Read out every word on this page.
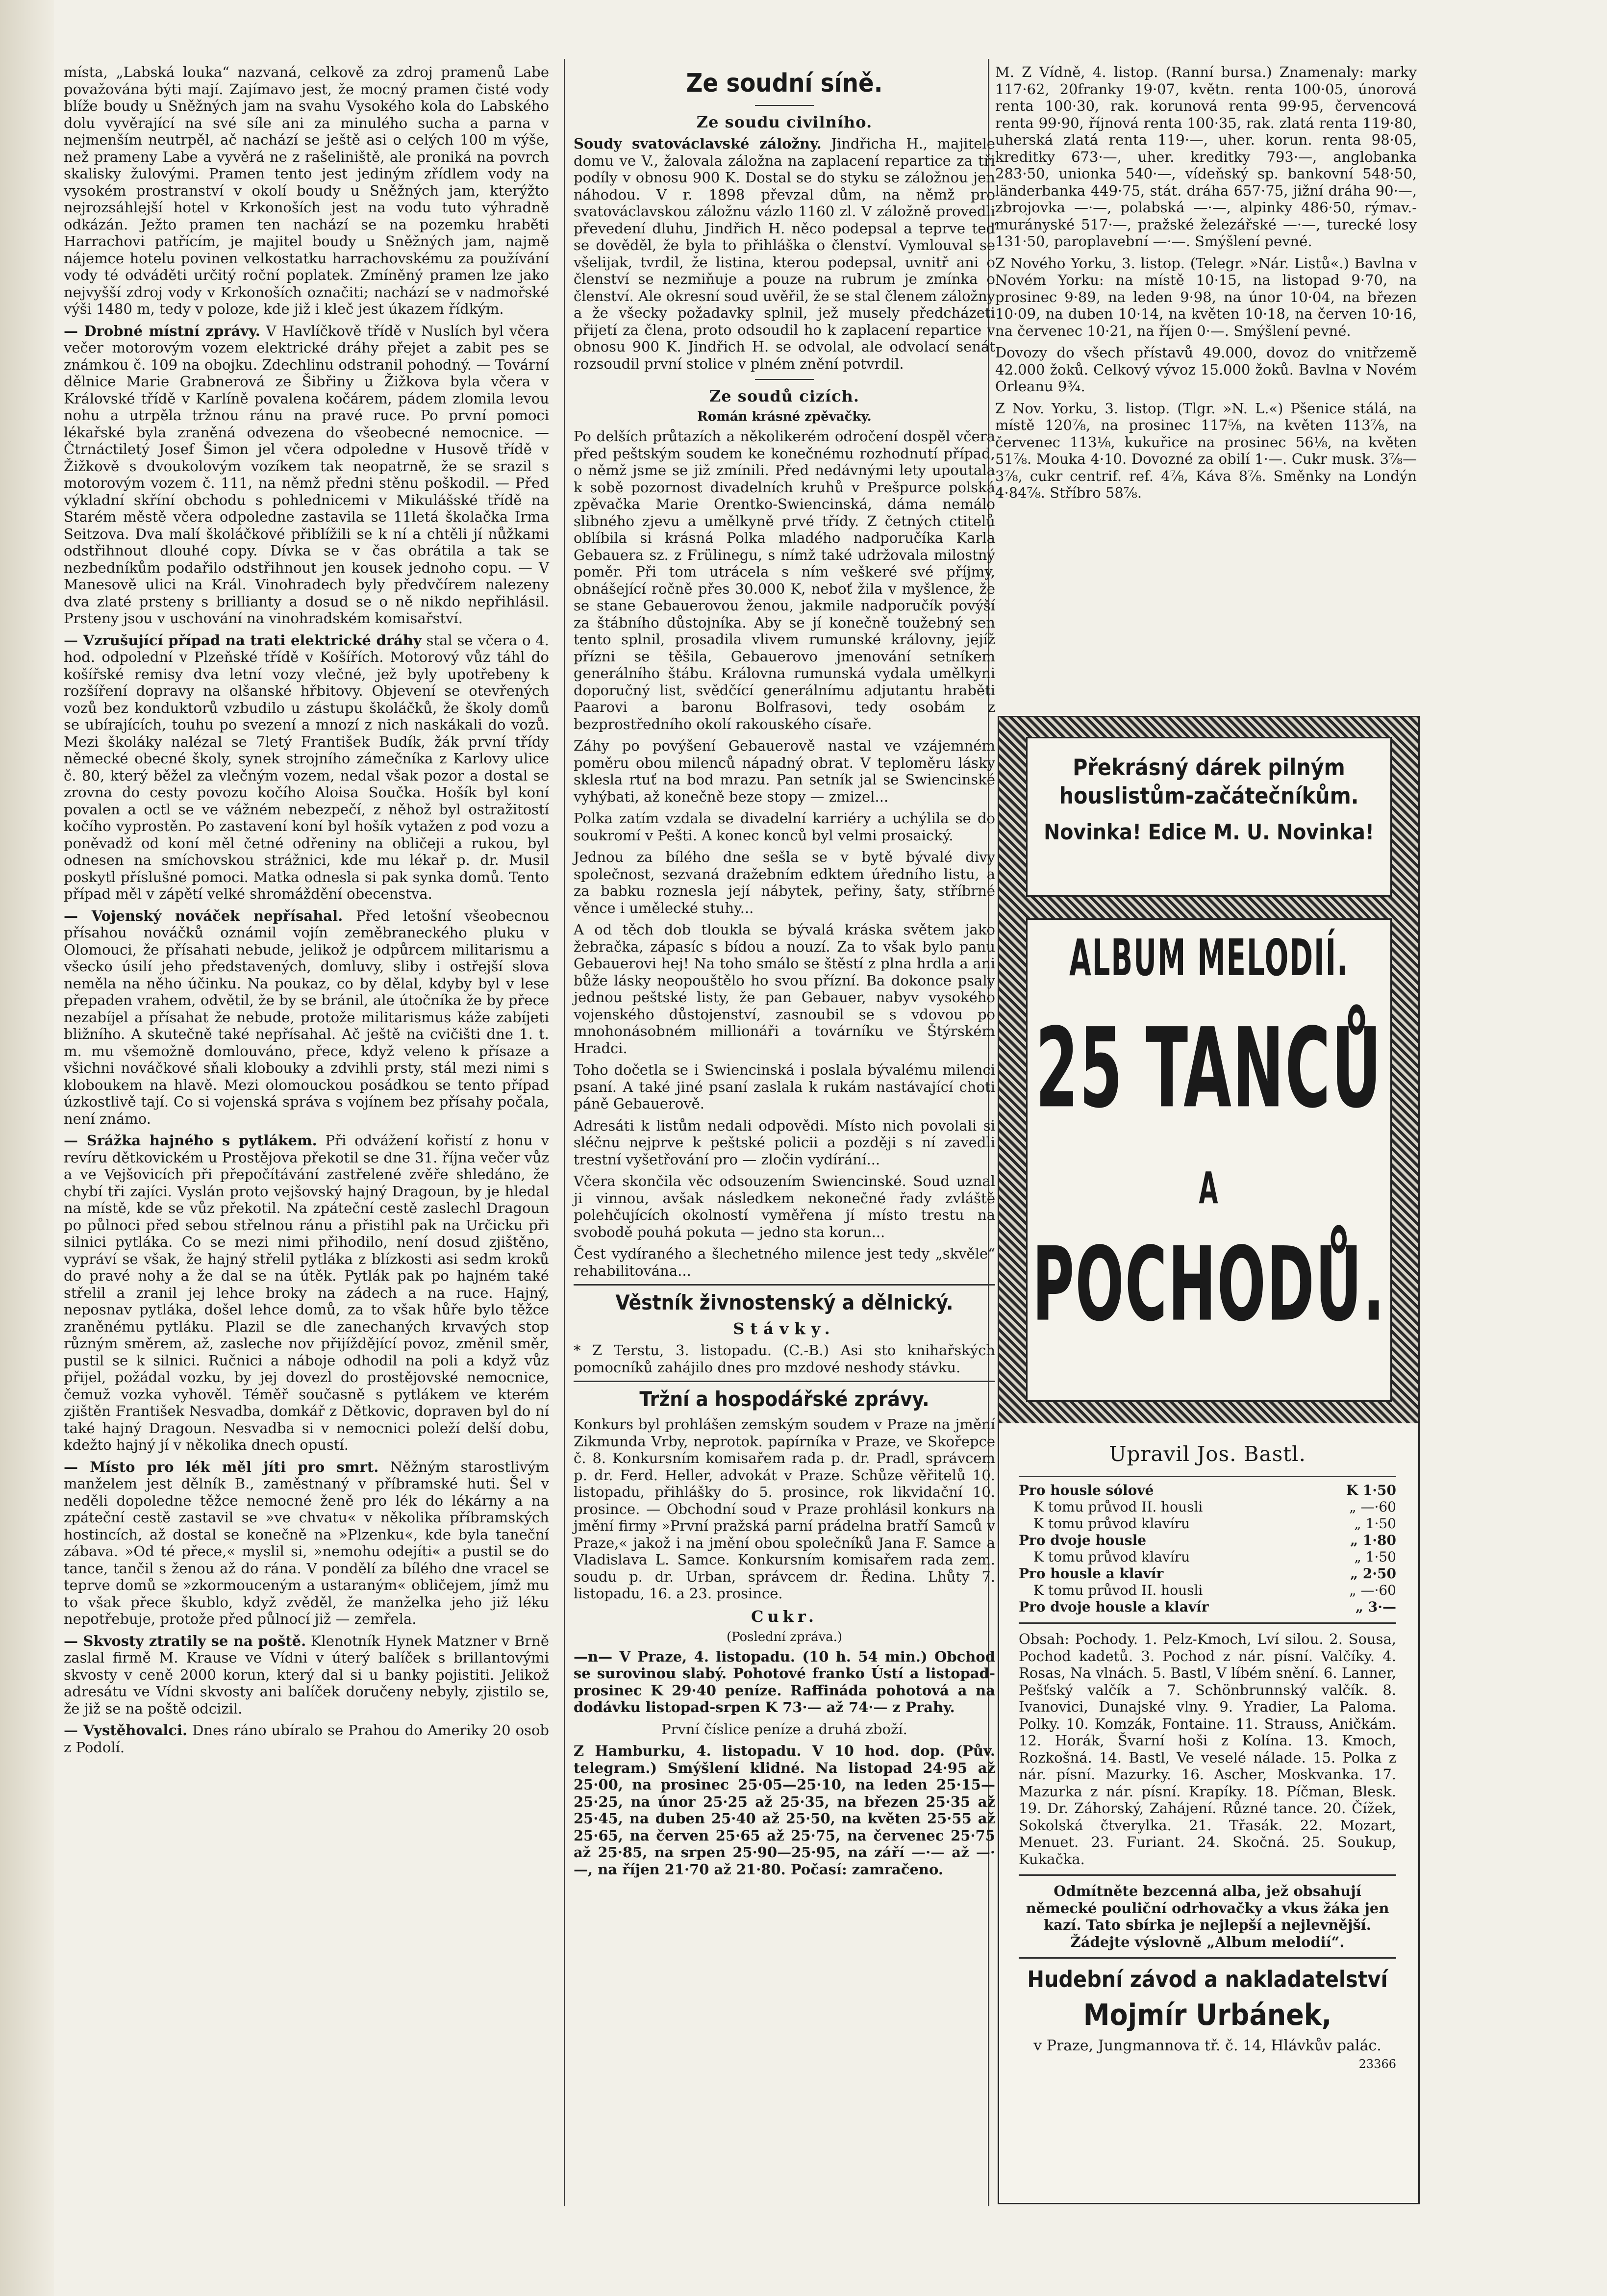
místa, „Labská louka“ nazvaná, celkově za zdroj pramenů Labe považována býti mají. Zajímavo jest, že mocný pramen čisté vody blíže boudy u Sněžných jam na svahu Vysokého kola do Labského dolu vyvěrající na své síle ani za minulého sucha a parna v nejmenším neutrpěl, ač nachází se ještě asi o celých 100 m výše, než prameny Labe a vyvěrá ne z rašeliniště, ale proniká na povrch skalisky žulovými. Pramen tento jest jediným zřídlem vody na vysokém prostranství v okolí boudy u Sněžných jam, kterýžto nejrozsáhlejší hotel v Krkonoších jest na vodu tuto výhradně odkázán. Ježto pramen ten nachází se na pozemku hraběti Harrachovi patřícím, je majitel boudy u Sněžných jam, najmě nájemce hotelu povinen velkostatku harrachovskému za používání vody té odváděti určitý roční poplatek. Zmíněný pramen lze jako nejvyšší zdroj vody v Krkonoších označiti; nachází se v nadmořské výši 1480 m, tedy v poloze, kde již i kleč jest úkazem řídkým.

— Drobné místní zprávy. V Havlíčkově třídě v Nuslích byl včera večer motorovým vozem elektrické dráhy přejet a zabit pes se známkou č. 109 na obojku. Zdechlinu odstranil pohodný. — Tovární dělnice Marie Grabnerová ze Šibřiny u Žižkova byla včera v Královské třídě v Karlíně povalena kočárem, pádem zlomila levou nohu a utrpěla tržnou ránu na pravé ruce. Po první pomoci lékařské byla zraněná odvezena do všeobecné nemocnice. — Čtrnáctiletý Josef Šimon jel včera odpoledne v Husově třídě v Žižkově s dvoukolovým vozíkem tak neopatrně, že se srazil s motorovým vozem č. 111, na němž předni stěnu poškodil. — Před výkladní skříní obchodu s pohlednicemi v Mikulášské třídě na Starém městě včera odpoledne zastavila se 11letá školačka Irma Seitzova. Dva malí školáčkové přiblížili se k ní a chtěli jí nůžkami odstřihnout dlouhé copy. Dívka se v čas obrátila a tak se nezbedníkům podařilo odstřihnout jen kousek jednoho copu. — V Manesově ulici na Král. Vinohradech byly předvčírem nalezeny dva zlaté prsteny s brillianty a dosud se o ně nikdo nepřihlásil. Prsteny jsou v uschování na vinohradském komisařství.

— Vzrušující případ na trati elektrické dráhy stal se včera o 4. hod. odpolední v Plzeňské třídě v Košířích. Motorový vůz táhl do košířské remisy dva letní vozy vlečné, jež byly upotřebeny k rozšíření dopravy na olšanské hřbitovy. Objevení se otevřených vozů bez konduktorů vzbudilo u zástupu školáčků, že školy domů se ubírajících, touhu po svezení a mnozí z nich naskákali do vozů. Mezi školáky nalézal se 7letý František Budík, žák první třídy německé obecné školy, synek strojního zámečníka z Karlovy ulice č. 80, který běžel za vlečným vozem, nedal však pozor a dostal se zrovna do cesty povozu kočího Aloisa Součka. Hošík byl koní povalen a octl se ve vážném nebezpečí, z něhož byl ostražitostí kočího vyprostěn. Po zastavení koní byl hošík vytažen z pod vozu a poněvadž od koní měl četné odřeniny na obličeji a rukou, byl odnesen na smíchovskou strážnici, kde mu lékař p. dr. Musil poskytl příslušné pomoci. Matka odnesla si pak synka domů. Tento případ měl v zápětí velké shromáždění obecenstva.

— Vojenský nováček nepřísahal. Před letošní všeobecnou přísahou nováčků oznámil vojín zeměbraneckého pluku v Olomouci, že přísahati nebude, jelikož je odpůrcem militarismu a všecko úsilí jeho představených, domluvy, sliby i ostřejší slova neměla na něho účinku. Na poukaz, co by dělal, kdyby byl v lese přepaden vrahem, odvětil, že by se bránil, ale útočníka že by přece nezabíjel a přísahat že nebude, protože militarismus káže zabíjeti bližního. A skutečně také nepřísahal. Ač ještě na cvičišti dne 1. t. m. mu všemožně domlouváno, přece, když veleno k přísaze a všichni nováčkové sňali klobouky a zdvihli prsty, stál mezi nimi s kloboukem na hlavě. Mezi olomouckou posádkou se tento případ úzkostlivě tají. Co si vojenská správa s vojínem bez přísahy počala, není známo.

— Srážka hajného s pytlákem. Při odvážení kořistí z honu v revíru dětkovickém u Prostějova překotil se dne 31. října večer vůz a ve Vejšovicích při přepočítávání zastřelené zvěře shledáno, že chybí tři zajíci. Vyslán proto vejšovský hajný Dragoun, by je hledal na místě, kde se vůz překotil. Na zpáteční cestě zaslechl Dragoun po půlnoci před sebou střelnou ránu a přistihl pak na Určicku při silnici pytláka. Co se mezi nimi přihodilo, není dosud zjištěno, vypráví se však, že hajný střelil pytláka z blízkosti asi sedm kroků do pravé nohy a že dal se na útěk. Pytlák pak po hajném také střelil a zranil jej lehce broky na zádech a na ruce. Hajný, neposnav pytláka, došel lehce domů, za to však hůře bylo těžce zraněnému pytláku. Plazil se dle zanechaných krvavých stop různým směrem, až, zasleche nov přijíždějící povoz, změnil směr, pustil se k silnici. Ručnici a náboje odhodil na poli a když vůz přijel, požádal vozku, by jej dovezl do prostějovské nemocnice, čemuž vozka vyhověl. Téměř současně s pytlákem ve kterém zjištěn František Nesvadba, domkář z Dětkovic, dopraven byl do ní také hajný Dragoun. Nesvadba si v nemocnici poleží delší dobu, kdežto hajný jí v několika dnech opustí.

— Místo pro lék měl jíti pro smrt. Něžným starostlivým manželem jest dělník B., zaměstnaný v příbramské huti. Šel v neděli dopoledne těžce nemocné ženě pro lék do lékárny a na zpáteční cestě zastavil se »ve chvatu« v několika příbramských hostincích, až dostal se konečně na »Plzenku«, kde byla taneční zábava. »Od té přece,« myslil si, »nemohu odejíti« a pustil se do tance, tančil s ženou až do rána. V pondělí za bílého dne vracel se teprve domů se »zkormouceným a ustaraným« obličejem, jímž mu to však přece škublo, když zvěděl, že manželka jeho již léku nepotřebuje, protože před půlnocí již — zemřela.

— Skvosty ztratily se na poště. Klenotník Hynek Matzner v Brně zaslal firmě M. Krause ve Vídni v úterý balíček s brillantovými skvosty v ceně 2000 korun, který dal si u banky pojistiti. Jelikož adresátu ve Vídni skvosty ani balíček doručeny nebyly, zjistilo se, že již se na poště odcizil.

— Vystěhovalci. Dnes ráno ubíralo se Prahou do Ameriky 20 osob z Podolí.

Ze soudní síně.
Ze soudu civilního.

Soudy svatováclavské záložny. Jindřicha H., majitele domu ve V., žalovala záložna na zaplacení repartice za tři podíly v obnosu 900 K. Dostal se do styku se záložnou jen náhodou. V r. 1898 převzal dům, na němž pro svatováclavskou záložnu vázlo 1160 zl. V záložně provedli převedení dluhu, Jindřich H. něco podepsal a teprve teď se dověděl, že byla to přihláška o členství. Vymlouval se všelijak, tvrdil, že listina, kterou podepsal, uvnitř ani o členství se nezmiňuje a pouze na rubrum je zmínka o členství. Ale okresní soud uvěřil, že se stal členem záložny a že všecky požadavky splnil, jež musely předcházeti přijetí za člena, proto odsoudil ho k zaplacení repartice v obnosu 900 K. Jindřich H. se odvolal, ale odvolací senát rozsoudil první stolice v plném znění potvrdil.

Ze soudů cizích.
Román krásné zpěvačky.

Po delších průtazích a několikerém odročení dospěl včera před peštským soudem ke konečnému rozhodnutí případ, o němž jsme se již zmínili. Před nedávnými lety upoutala k sobě pozornost divadelních kruhů v Prešpurce polská zpěvačka Marie Orentko-Swiencinská, dáma nemálo slibného zjevu a umělkyně prvé třídy. Z četných ctitelů oblíbila si krásná Polka mladého nadporučíka Karla Gebauera sz. z Frülinegu, s nímž také udržovala milostný poměr. Při tom utrácela s ním veškeré své příjmy, obnášející ročně přes 30.000 K, neboť žila v myšlence, že se stane Gebauerovou ženou, jakmile nadporučík povýší za štábního důstojníka. Aby se jí konečně toužebný sen tento splnil, prosadila vlivem rumunské královny, jejíž přízni se těšila, Gebauerovo jmenování setníkem generálního štábu. Královna rumunská vydala umělkyni doporučný list, svědčící generálnímu adjutantu hraběti Paarovi a baronu Bolfrasovi, tedy osobám z bezprostředního okolí rakouského císaře.

Záhy po povýšení Gebauerově nastal ve vzájemném poměru obou milenců nápadný obrat. V teploměru lásky sklesla rtuť na bod mrazu. Pan setník jal se Swiencinské vyhýbati, až konečně beze stopy — zmizel...

Polka zatím vzdala se divadelní karriéry a uchýlila se do soukromí v Pešti. A konec konců byl velmi prosaický.

Jednou za bílého dne sešla se v bytě bývalé divy společnost, sezvaná dražebním edktem úředního listu, a za babku roznesla její nábytek, peřiny, šaty, stříbrné věnce i umělecké stuhy...

A od těch dob tloukla se bývalá kráska světem jako žebračka, zápasíc s bídou a nouzí. Za to však bylo panu Gebauerovi hej! Na toho smálo se štěstí z plna hrdla a ani bůže lásky neopouštělo ho svou přízní. Ba dokonce psaly jednou peštské listy, že pan Gebauer, nabyv vysokého vojenského důstojenství, zasnoubil se s vdovou po mnohonásobném millionáři a továrníku ve Štýrském Hradci.

Toho dočetla se i Swiencinská i poslala bývalému milenci psaní. A také jiné psaní zaslala k rukám nastávající choti páně Gebauerově.

Adresáti k listům nedali odpovědi. Místo nich povolali si sléčnu nejprve k peštské policii a později s ní zavedli trestní vyšetřování pro — zločin vydírání...

Včera skončila věc odsouzením Swiencinské. Soud uznal ji vinnou, avšak následkem nekonečné řady zvláště polehčujících okolností vyměřena jí místo trestu na svobodě pouhá pokuta — jedno sta korun...

Čest vydíraného a šlechetného milence jest tedy „skvěle“ rehabilitována...

Věstník živnostenský a dělnický.
Stávky.

* Z Terstu, 3. listopadu. (C.-B.) Asi sto knihařských pomocníků zahájilo dnes pro mzdové neshody stávku.

Tržní a hospodářské zprávy.

Konkurs byl prohlášen zemským soudem v Praze na jmění Zikmunda Vrby, neprotok. papírníka v Praze, ve Skořepce č. 8. Konkursním komisařem rada p. dr. Pradl, správcem p. dr. Ferd. Heller, advokát v Praze. Schůze věřitelů 10. listopadu, přihlášky do 5. prosince, rok likvidační 10. prosince. — Obchodní soud v Praze prohlásil konkurs na jmění firmy »První pražská parní prádelna bratří Samců v Praze,« jakož i na jmění obou společníků Jana F. Samce a Vladislava L. Samce. Konkursním komisařem rada zem. soudu p. dr. Urban, správcem dr. Ředina. Lhůty 7. listopadu, 16. a 23. prosince.

Cukr.
(Poslední zpráva.)

—n— V Praze, 4. listopadu. (10 h. 54 min.) Obchod se surovinou slabý. Pohotové franko Ústí a listopad-prosinec K 29·40 peníze. Raffináda pohotová a na dodávku listopad-srpen K 73·— až 74·— z Prahy.

První číslice peníze a druhá zboží.

Z Hamburku, 4. listopadu. V 10 hod. dop. (Pův. telegram.) Smýšlení klidné. Na listopad 24·95 až 25·00, na prosinec 25·05—25·10, na leden 25·15—25·25, na únor 25·25 až 25·35, na březen 25·35 až 25·45, na duben 25·40 až 25·50, na květen 25·55 až 25·65, na červen 25·65 až 25·75, na červenec 25·75 až 25·85, na srpen 25·90—25·95, na září —·— až —·—, na říjen 21·70 až 21·80. Počasí: zamračeno.

M. Z Vídně, 4. listop. (Ranní bursa.) Znamenaly: marky 117·62, 20franky 19·07, květn. renta 100·05, únorová renta 100·30, rak. korunová renta 99·95, červencová renta 99·90, říjnová renta 100·35, rak. zlatá renta 119·80, uherská zlatá renta 119·—, uher. korun. renta 98·05, kreditky 673·—, uher. kreditky 793·—, anglobanka 283·50, unionka 540·—, vídeňský sp. bankovní 548·50, länderbanka 449·75, stát. dráha 657·75, jižní dráha 90·—, zbrojovka —·—, polabská —·—, alpinky 486·50, rýmav.-murányské 517·—, pražské železářské —·—, turecké losy 131·50, paroplavební —·—. Smýšlení pevné.

Z Nového Yorku, 3. listop. (Telegr. »Nár. Listů«.) Bavlna v Novém Yorku: na místě 10·15, na listopad 9·70, na prosinec 9·89, na leden 9·98, na únor 10·04, na březen 10·09, na duben 10·14, na květen 10·18, na červen 10·16, na červenec 10·21, na říjen 0·—. Smýšlení pevné.

Dovozy do všech přístavů 49.000, dovoz do vnitřzemě 42.000 žoků. Celkový vývoz 15.000 žoků. Bavlna v Novém Orleanu 9¾.

Z Nov. Yorku, 3. listop. (Tlgr. »N. L.«) Pšenice stálá, na místě 120⅞, na prosinec 117⅝, na květen 113⅞, na červenec 113⅛, kukuřice na prosinec 56⅛, na květen 51⅞. Mouka 4·10. Dovozné za obilí 1·—. Cukr musk. 3⅞—3⅞, cukr centrif. ref. 4⅞, Káva 8⅞. Směnky na Londýn 4·84⅞. Stříbro 58⅞.

Překrásný dárek pilným houslistům-začátečníkům.
Novinka! Edice M. U. Novinka!
ALBUM MELODIÍ.
25 TANCŮ
A
POCHODŮ.
Upravil Jos. Bastl.
Pro housle sólové	K 1·50
K tomu průvod II. housli	„ —·60
K tomu průvod klavíru	„ 1·50
Pro dvoje housle	„ 1·80
K tomu průvod klavíru	„ 1·50
Pro housle a klavír	„ 2·50
K tomu průvod II. housli	„ —·60
Pro dvoje housle a klavír	„ 3·—

Obsah: Pochody. 1. Pelz-Kmoch, Lví silou. 2. Sousa, Pochod kadetů. 3. Pochod z nár. písní. Valčíky. 4. Rosas, Na vlnách. 5. Bastl, V líbém snění. 6. Lanner, Pešťský valčík a 7. Schönbrunnský valčík. 8. Ivanovici, Dunajské vlny. 9. Yradier, La Paloma. Polky. 10. Komzák, Fontaine. 11. Strauss, Aničkám. 12. Horák, Švarní hoši z Kolína. 13. Kmoch, Rozkošná. 14. Bastl, Ve veselé nálade. 15. Polka z nár. písní. Mazurky. 16. Ascher, Moskvanka. 17. Mazurka z nár. písní. Krapíky. 18. Píčman, Blesk. 19. Dr. Záhorský, Zahájení. Různé tance. 20. Čížek, Sokolská čtverylka. 21. Třasák. 22. Mozart, Menuet. 23. Furiant. 24. Skočná. 25. Soukup, Kukačka.

Odmítněte bezcenná alba, jež obsahují německé pouliční odrhovačky a vkus žáka jen kazí. Tato sbírka je nejlepší a nejlevnější. Žádejte výslovně „Album melodií“.

Hudební závod a nakladatelství
Mojmír Urbánek,
v Praze, Jungmannova tř. č. 14, Hlávkův palác.
23366
